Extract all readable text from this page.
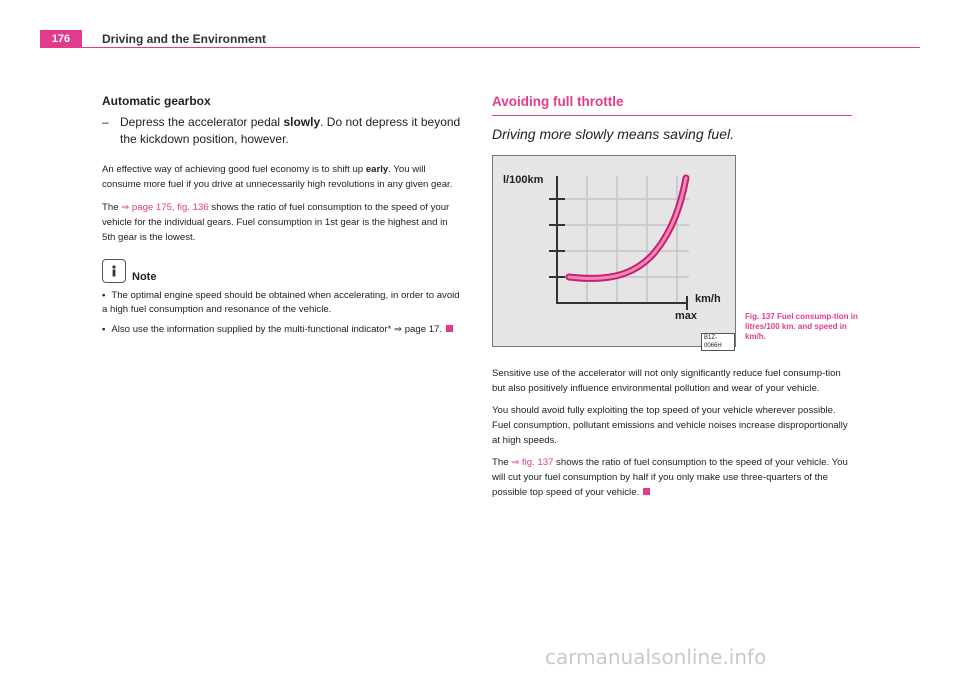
176	Driving and the Environment
Automatic gearbox
– Depress the accelerator pedal slowly. Do not depress it beyond the kickdown position, however.

An effective way of achieving good fuel economy is to shift up early. You will consume more fuel if you drive at unnecessarily high revolutions in any given gear.

The ⇒ page 175, fig. 136 shows the ratio of fuel consumption to the speed of your vehicle for the individual gears. Fuel consumption in 1st gear is the highest and in 5th gear is the lowest.

Note
• The optimal engine speed should be obtained when accelerating, in order to avoid a high fuel consumption and resonance of the vehicle.
• Also use the information supplied by the multi-functional indicator* ⇒ page 17.
Avoiding full throttle

Driving more slowly means saving fuel.

l/100km
km/h
max
B1Z-0066H
Fig. 137 Fuel consump-tion in litres/100 km. and speed in km/h.

Sensitive use of the accelerator will not only significantly reduce fuel consump-tion but also positively influence environmental pollution and wear of your vehicle.

You should avoid fully exploiting the top speed of your vehicle wherever possible. Fuel consumption, pollutant emissions and vehicle noises increase disproportionally at high speeds.

The ⇒ fig. 137 shows the ratio of fuel consumption to the speed of your vehicle. You will cut your fuel consumption by half if you only make use three-quarters of the possible top speed of your vehicle.

carmanualsonline.info
